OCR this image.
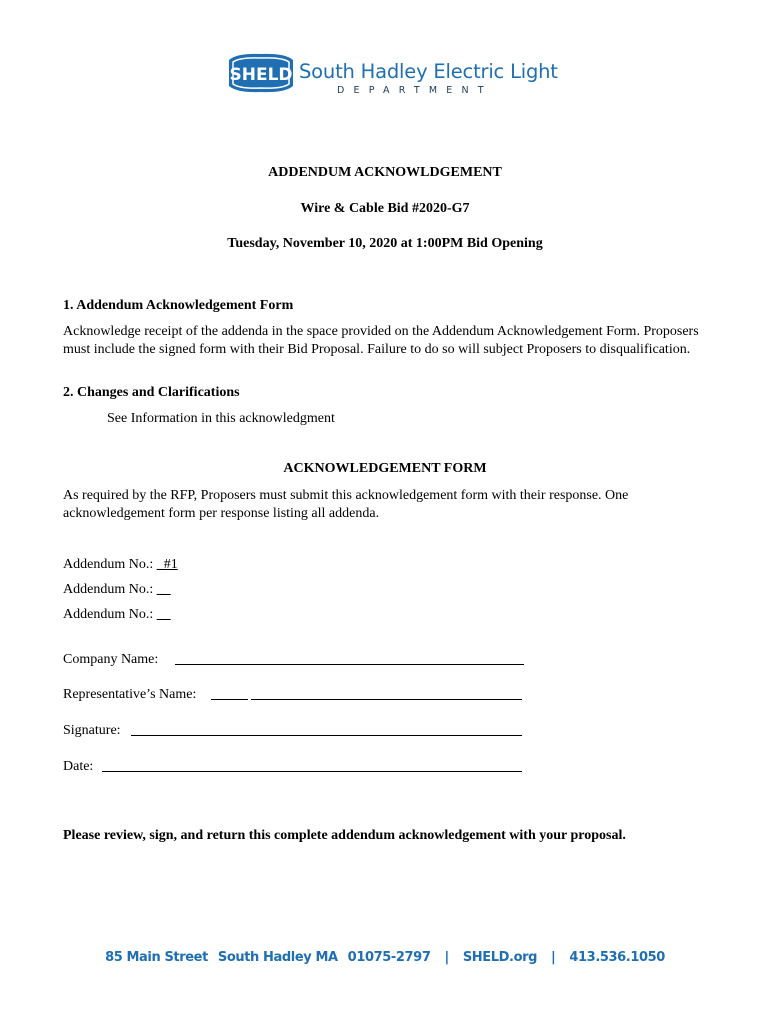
SHELD South Hadley Electric Light
DEPARTMENT
ADDENDUM ACKNOWLDGEMENT
Wire & Cable Bid #2020-G7
Tuesday, November 10, 2020 at 1:00PM Bid Opening
1. Addendum Acknowledgement Form
Acknowledge receipt of the addenda in the space provided on the Addendum Acknowledgement Form. Proposers must include the signed form with their Bid Proposal. Failure to do so will subject Proposers to disqualification.
2. Changes and Clarifications
See Information in this acknowledgment
ACKNOWLEDGEMENT FORM
As required by the RFP, Proposers must submit this acknowledgement form with their response. One acknowledgement form per response listing all addenda.
Addendum No.: _#1
Addendum No.: _
Addendum No.:
Company Name:
Representative’s Name:
Signature:
Date:
Please review, sign, and return this complete addendum acknowledgement with your proposal.
85 Main Street South Hadley MA 01075-2797 | SHELD.org | 413.536.1050
